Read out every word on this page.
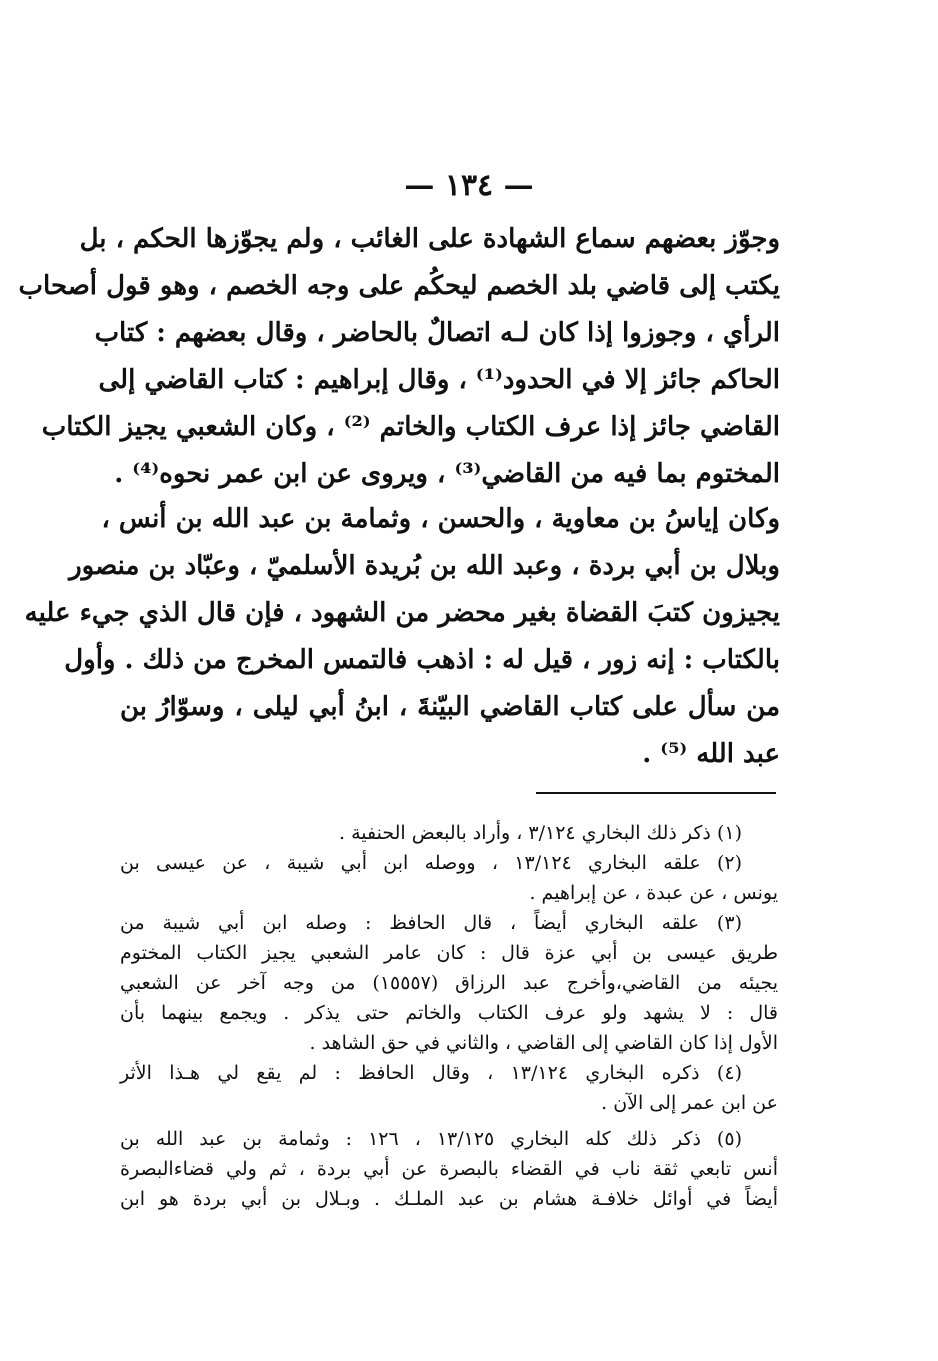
— ١٣٤ —
وجوّز بعضهم سماع الشهادة على الغائب ، ولم يجوّزها الحكم ، بل
يكتب إلى قاضي بلد الخصم ليحكُم على وجه الخصم ، وهو قول أصحاب
الرأي ، وجوزوا إذا كان لـه اتصالٌ بالحاضر ، وقال بعضهم : كتاب
الحاكم جائز إلا في الحدود⁽¹⁾ ، وقال إبراهيم : كتاب القاضي إلى
القاضي جائز إذا عرف الكتاب والخاتم ⁽²⁾ ، وكان الشعبي يجيز الكتاب
المختوم بما فيه من القاضي⁽³⁾ ، ويروى عن ابن عمر نحوه⁽⁴⁾ .
وكان إياسُ بن معاوية ، والحسن ، وثمامة بن عبد الله بن أنس ،
وبلال بن أبي بردة ، وعبد الله بن بُريدة الأسلميّ ، وعبّاد بن منصور
يجيزون كتبَ القضاة بغير محضر من الشهود ، فإن قال الذي جيء عليه
بالكتاب : إنه زور ، قيل له : اذهب فالتمس المخرج من ذلك . وأول
من سأل على كتاب القاضي البيّنةَ ، ابنُ أبي ليلى ، وسوّارُ بن
عبد الله ⁽⁵⁾ .
(١) ذكر ذلك البخاري ٣/١٢٤ ، وأراد بالبعض الحنفية .
(٢) علقه البخاري ١٣/١٢٤ ، ووصله ابن أبي شيبة ، عن عيسى بن
يونس ، عن عبدة ، عن إبراهيم .
(٣) علقه البخاري أيضاً ، قال الحافظ : وصله ابن أبي شيبة من
طريق عيسى بن أبي عزة قال : كان عامر الشعبي يجيز الكتاب المختوم
يجيئه من القاضي،وأخرج عبد الرزاق (١٥٥٥٧) من وجه آخر عن الشعبي
قال : لا يشهد ولو عرف الكتاب والخاتم حتى يذكر . ويجمع بينهما بأن
الأول إذا كان القاضي إلى القاضي ، والثاني في حق الشاهد .
(٤) ذكره البخاري ١٣/١٢٤ ، وقال الحافظ : لم يقع لي هـذا الأثر
عن ابن عمر إلى الآن .
(٥) ذكر ذلك كله البخاري ١٣/١٢٥ ، ١٢٦ : وثمامة بن عبد الله بن
أنس تابعي ثقة ناب في القضاء بالبصرة عن أبي بردة ، ثم ولي قضاءالبصرة
أيضاً في أوائل خلافـة هشام بن عبد الملـك . وبـلال بن أبي بردة هو ابن
